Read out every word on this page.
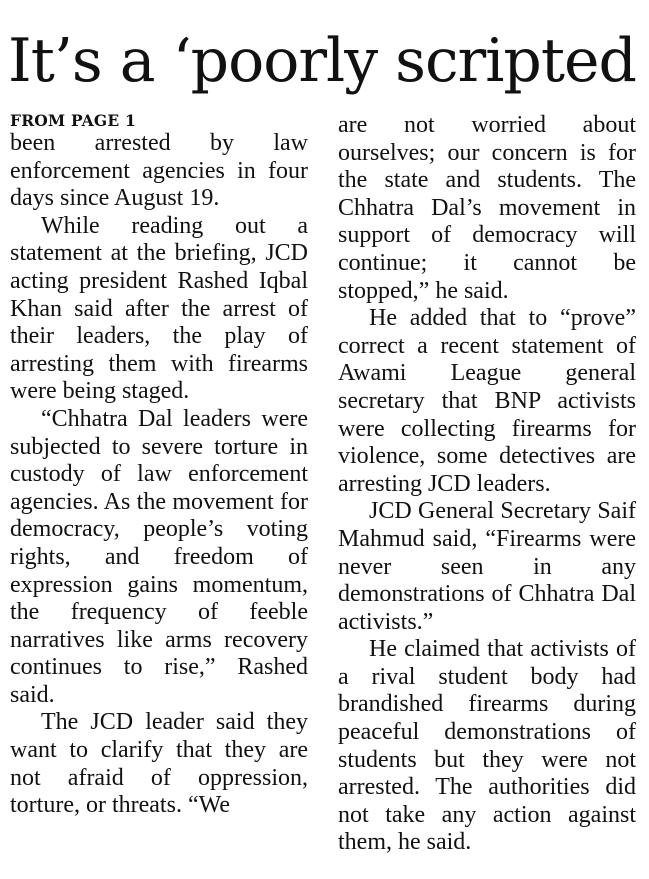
It’s a ‘poorly scripted
FROM PAGE 1

been arrested by law enforcement agencies in four days since August 19.

While reading out a statement at the briefing, JCD acting president Rashed Iqbal Khan said after the arrest of their leaders, the play of arresting them with firearms were being staged.

“Chhatra Dal leaders were subjected to severe torture in custody of law enforcement agencies. As the movement for democracy, people’s voting rights, and freedom of expression gains momentum, the frequency of feeble narratives like arms recovery continues to rise,” Rashed said.

The JCD leader said they want to clarify that they are not afraid of oppression, torture, or threats. “We

are not worried about ourselves; our concern is for the state and students. The Chhatra Dal’s movement in support of democracy will continue; it cannot be stopped,” he said.

He added that to “prove” correct a recent statement of Awami League general secretary that BNP activists were collecting firearms for violence, some detectives are arresting JCD leaders.

JCD General Secretary Saif Mahmud said, “Firearms were never seen in any demonstrations of Chhatra Dal activists.”

He claimed that activists of a rival student body had brandished firearms during peaceful demonstrations of students but they were not arrested. The authorities did not take any action against them, he said.
